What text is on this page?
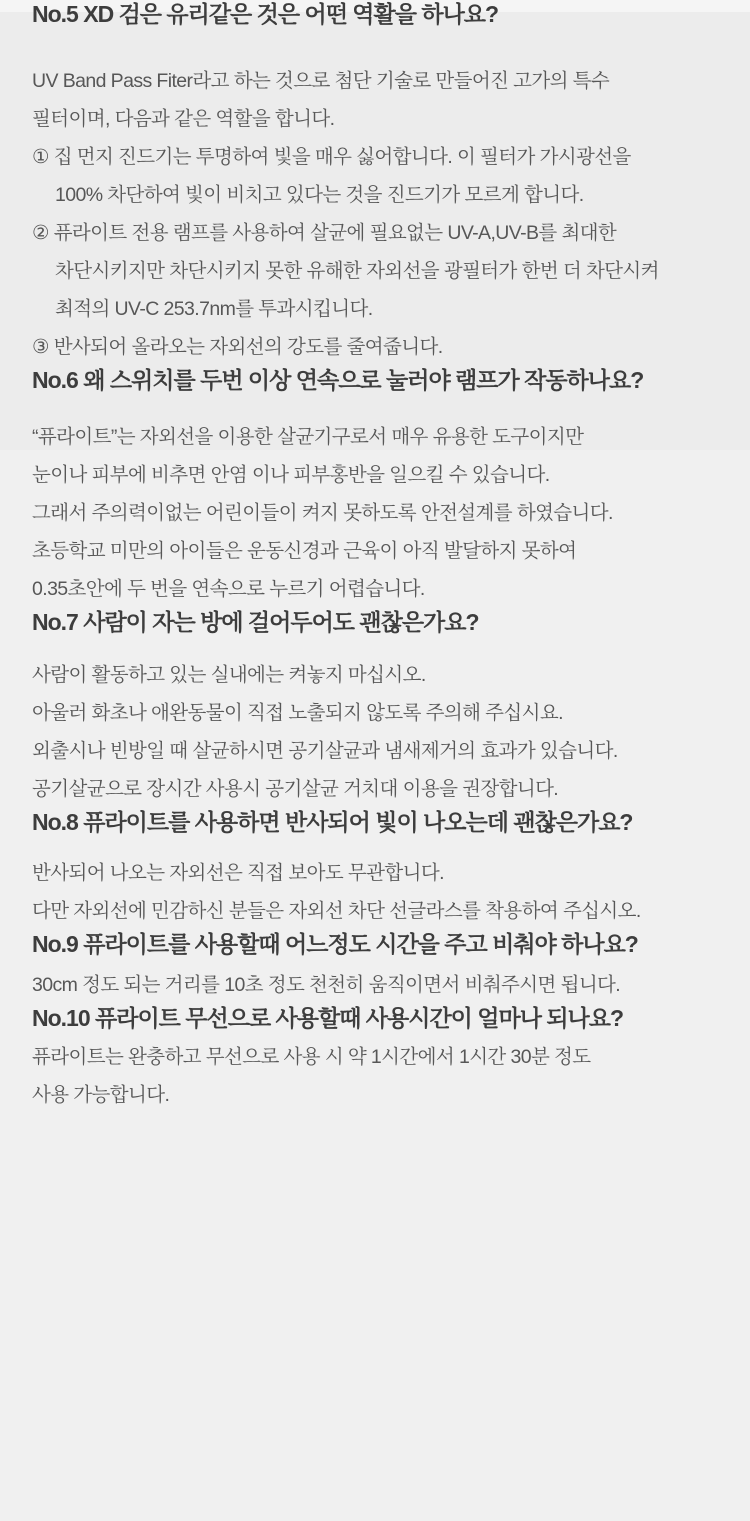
No.5 XD 검은 유리같은 것은 어떤 역활을 하나요?

UV Band Pass Fiter라고 하는 것으로 첨단 기술로 만들어진 고가의 특수

필터이며, 다음과 같은 역할을 합니다.

① 집 먼지 진드기는 투명하여 빛을 매우 싫어합니다. 이 필터가 가시광선을

100% 차단하여 빛이 비치고 있다는 것을 진드기가 모르게 합니다.

② 퓨라이트 전용 램프를 사용하여 살균에 필요없는 UV-A,UV-B를 최대한

차단시키지만 차단시키지 못한 유해한 자외선을 광필터가 한번 더 차단시켜

최적의 UV-C 253.7nm를 투과시킵니다.

③ 반사되어 올라오는 자외선의 강도를 줄여줍니다.

No.6 왜 스위치를 두번 이상 연속으로 눌러야 램프가 작동하나요?

“퓨라이트”는 자외선을 이용한 살균기구로서 매우 유용한 도구이지만

눈이나 피부에 비추면 안염 이나 피부홍반을 일으킬 수 있습니다.

그래서 주의력이없는 어린이들이 켜지 못하도록 안전설계를 하였습니다.

초등학교 미만의 아이들은 운동신경과 근육이 아직 발달하지 못하여

0.35초안에 두 번을 연속으로 누르기 어렵습니다.

No.7 사람이 자는 방에 걸어두어도 괜찮은가요?

사람이 활동하고 있는 실내에는 켜놓지 마십시오.

아울러 화초나 애완동물이 직접 노출되지 않도록 주의해 주십시요.

외출시나 빈방일 때 살균하시면 공기살균과 냄새제거의 효과가 있습니다.

공기살균으로 장시간 사용시 공기살균 거치대 이용을 권장합니다.

No.8 퓨라이트를 사용하면 반사되어 빛이 나오는데 괜찮은가요?

반사되어 나오는 자외선은 직접 보아도 무관합니다.

다만 자외선에 민감하신 분들은 자외선 차단 선글라스를 착용하여 주십시오.

No.9 퓨라이트를 사용할때 어느정도 시간을 주고 비춰야 하나요?

30cm 정도 되는 거리를 10초 정도 천천히 움직이면서 비춰주시면 됩니다.

No.10 퓨라이트 무선으로 사용할때 사용시간이 얼마나 되나요?

퓨라이트는 완충하고 무선으로 사용 시 약 1시간에서 1시간 30분 정도

사용 가능합니다.
